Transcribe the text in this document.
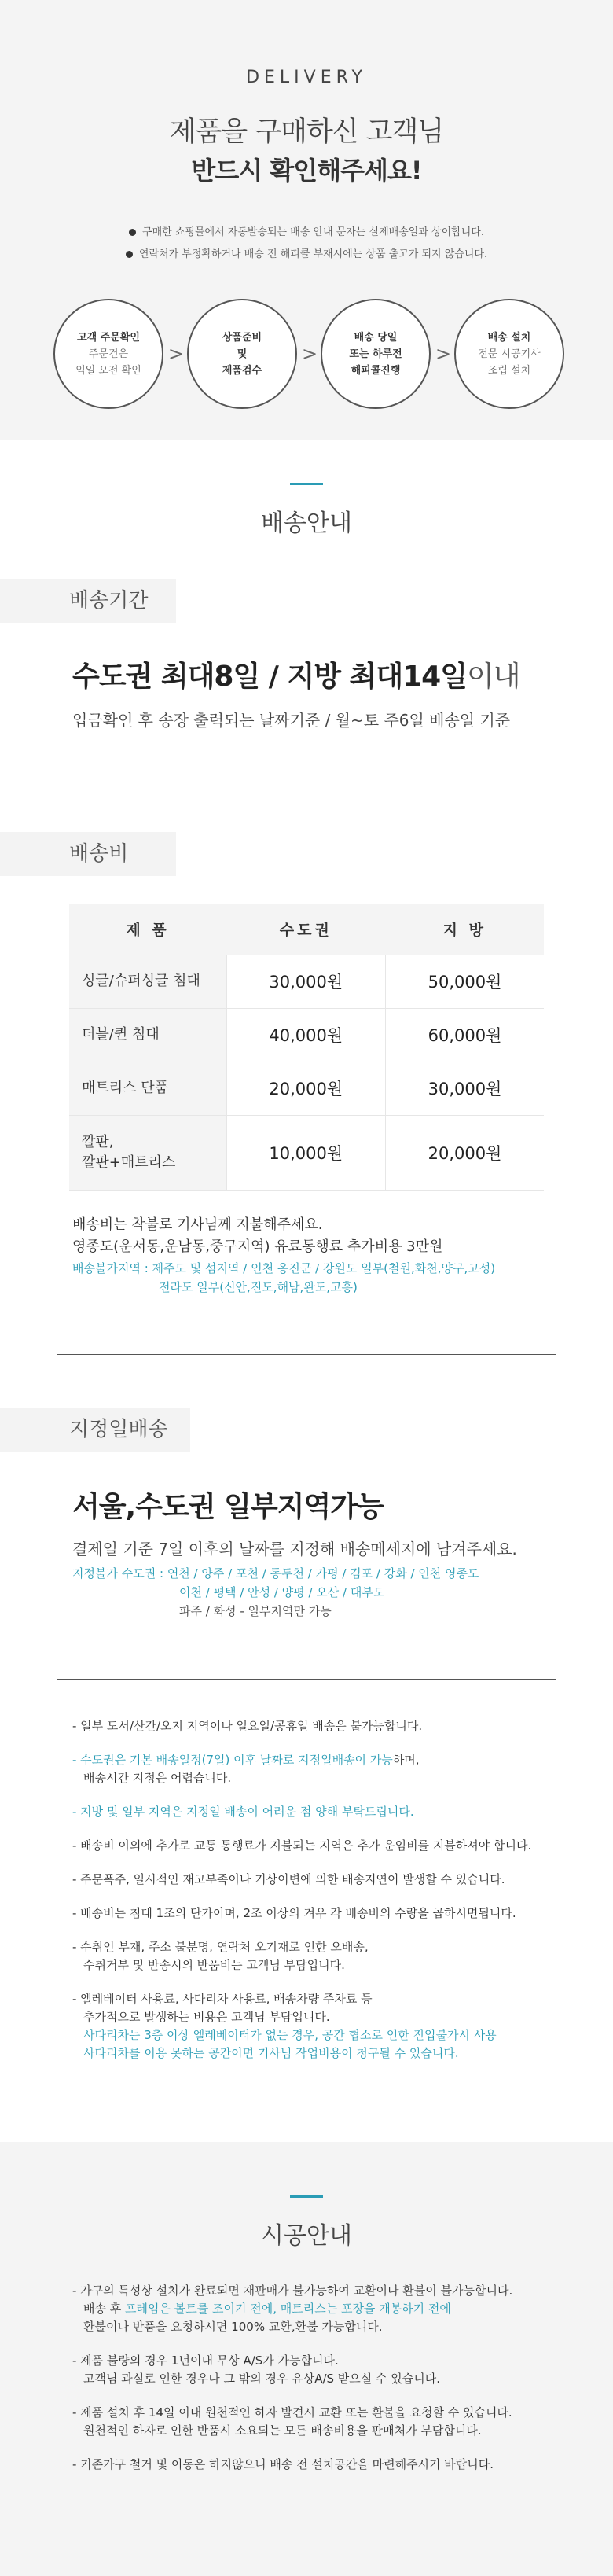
DELIVERY
제품을 구매하신 고객님
반드시 확인해주세요!
구매한 쇼핑몰에서 자동발송되는 배송 안내 문자는 실제배송일과 상이합니다.
연락처가 부정확하거나 배송 전 해피콜 부재시에는 상품 출고가 되지 않습니다.
고객 주문확인
주문건은
익일 오전 확인
>
상품준비
및
제품검수
>
배송 당일
또는 하루전
해피콜진행
>
배송 설치
전문 시공기사
조립 설치
배송안내
배송기간
수도권 최대8일 / 지방 최대14일이내
입금확인 후 송장 출력되는 날짜기준 / 월~토 주6일 배송일 기준
배송비
제 품	수도권	지 방
싱글/슈퍼싱글 침대	30,000원	50,000원
더블/퀸 침대	40,000원	60,000원
매트리스 단품	20,000원	30,000원

깔판,
깔판+매트리스	10,000원	20,000원
배송비는 착불로 기사님께 지불해주세요.
영종도(운서동,운남동,중구지역) 유료통행료 추가비용 3만원
배송불가지역 : 제주도 및 섬지역 / 인천 옹진군 / 강원도 일부(철원,화천,양구,고성)
전라도 일부(신안,진도,해남,완도,고흥)
지정일배송
서울,수도권 일부지역가능
결제일 기준 7일 이후의 날짜를 지정해 배송메세지에 남겨주세요.
지정불가 수도권 : 연천 / 양주 / 포천 / 동두천 / 가평 / 김포 / 강화 / 인천 영종도
이천 / 평택 / 안성 / 양평 / 오산 / 대부도
파주 / 화성 - 일부지역만 가능
- 일부 도서/산간/오지 지역이나 일요일/공휴일 배송은 불가능합니다.
- 수도권은 기본 배송일정(7일) 이후 날짜로 지정일배송이 가능하며,
배송시간 지정은 어렵습니다.
- 지방 및 일부 지역은 지정일 배송이 어려운 점 양해 부탁드립니다.
- 배송비 이외에 추가로 교통 통행료가 지불되는 지역은 추가 운임비를 지불하셔야 합니다.
- 주문폭주, 일시적인 재고부족이나 기상이변에 의한 배송지연이 발생할 수 있습니다.
- 배송비는 침대 1조의 단가이며, 2조 이상의 겨우 각 배송비의 수량을 곱하시면됩니다.
- 수취인 부재, 주소 불분명, 연락처 오기재로 인한 오배송,
수취거부 및 반송시의 반품비는 고객님 부담입니다.
- 엘레베이터 사용료, 사다리차 사용료, 배송차량 주차료 등
추가적으로 발생하는 비용은 고객님 부담입니다.
사다리차는 3층 이상 엘레베이터가 없는 경우, 공간 협소로 인한 진입불가시 사용
사다리차를 이용 못하는 공간이면 기사님 작업비용이 청구될 수 있습니다.
시공안내
- 가구의 특성상 설치가 완료되면 재판매가 불가능하여 교환이나 환불이 불가능합니다.
배송 후 프레임은 볼트를 조이기 전에, 매트리스는 포장을 개봉하기 전에
환불이나 반품을 요청하시면 100% 교환,환불 가능합니다.
- 제품 불량의 경우 1년이내 무상 A/S가 가능합니다.
고객님 과실로 인한 경우나 그 밖의 경우 유상A/S 받으실 수 있습니다.
- 제품 설치 후 14일 이내 원천적인 하자 발견시 교환 또는 환불을 요청할 수 있습니다.
원천적인 하자로 인한 반품시 소요되는 모든 배송비용을 판매처가 부담합니다.
- 기존가구 철거 및 이동은 하지않으니 배송 전 설치공간을 마련해주시기 바랍니다.
